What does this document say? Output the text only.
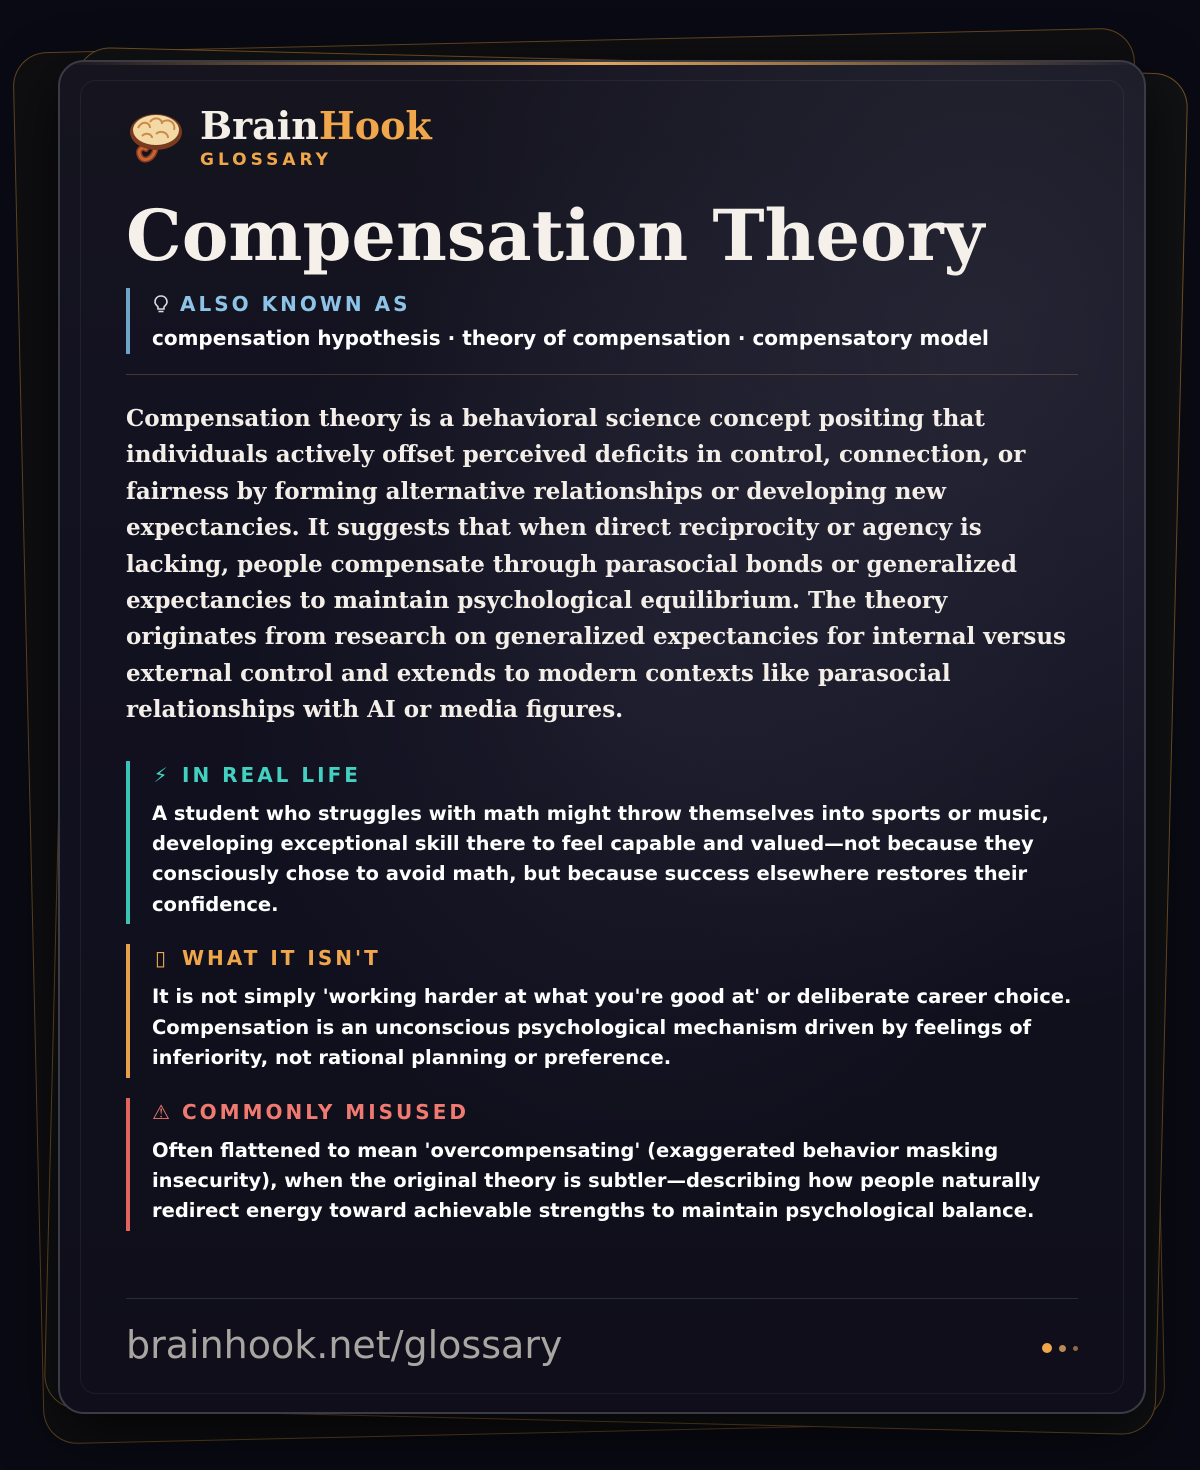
BrainHook
GLOSSARY
Compensation Theory
ALSO KNOWN AS
compensation hypothesis · theory of compensation · compensatory model

Compensation theory is a behavioral science concept positing that individuals actively offset perceived deficits in control, connection, or fairness by forming alternative relationships or developing new expectancies. It suggests that when direct reciprocity or agency is lacking, people compensate through parasocial bonds or generalized expectancies to maintain psychological equilibrium. The theory originates from research on generalized expectancies for internal versus external control and extends to modern contexts like parasocial relationships with AI or media figures.

⚡ IN REAL LIFE
A student who struggles with math might throw themselves into sports or music, developing exceptional skill there to feel capable and valued—not because they consciously chose to avoid math, but because success elsewhere restores their confidence.
▯ WHAT IT ISN'T
It is not simply 'working harder at what you're good at' or deliberate career choice. Compensation is an unconscious psychological mechanism driven by feelings of inferiority, not rational planning or preference.
⚠ COMMONLY MISUSED
Often flattened to mean 'overcompensating' (exaggerated behavior masking insecurity), when the original theory is subtler—describing how people naturally redirect energy toward achievable strengths to maintain psychological balance.
brainhook.net/glossary
